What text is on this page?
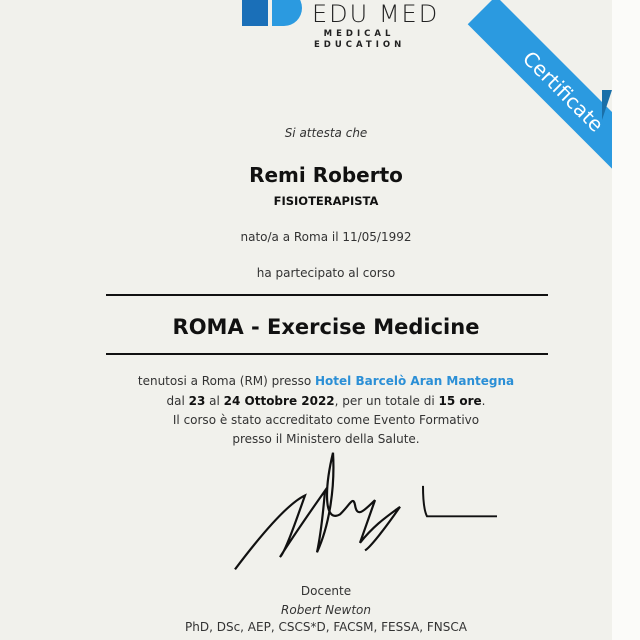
EDU MED
MEDICAL
EDUCATION
Certificate
Si attesta che
Remi Roberto
FISIOTERAPISTA
nato/a a Roma il 11/05/1992
ha partecipato al corso
ROMA - Exercise Medicine
tenutosi a Roma (RM) presso Hotel Barcelò Aran Mantegna
dal 23 al 24 Ottobre 2022, per un totale di 15 ore.
Il corso è stato accreditato come Evento Formativo
presso il Ministero della Salute.
Docente
Robert Newton
PhD, DSc, AEP, CSCS*D, FACSM, FESSA, FNSCA
